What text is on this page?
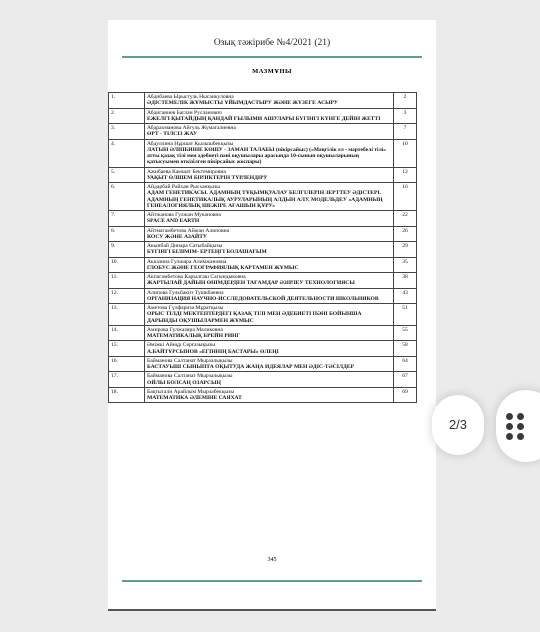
Озық тәжірибе №4/2021 (21)
МАЗМҰНЫ
1.	Абдибаева Ырысгуль Нысанкуловна
ӘДІСТЕМЕЛІК ЖҰМЫСТЫ ҰЙЫМДАСТЫРУ ЖӘНЕ ЖҮЗЕГЕ АСЫРУ	2
2.	Абдиганиев Баглан Русланович
ЕЖЕЛГІ ҚЫТАЙДЫҢ ҚАНДАЙ ҒЫЛЫМИ АШУЛАРЫ БҮГІНГІ КҮНГЕ ДЕЙІН ЖЕТТІ	3
3.	Абдрахманова Айгуль Жумагалиевна
ӨРТ - ТІЛСІЗ ЖАУ	7
4.	Абдуллина Нұршат Қылышбекқызы
ЛАТЫН ӘЛІПБИІНЕ КӨШУ - ЗАМАН ТАЛАБЫ (пікірсайыс) («Мәңгілік ел - мәртебелі тілі» атты қазақ тілі мен әдебиеті пәні оқушылары арасында 10-сынып оқушыларының қатысуымен өткізілген пікірсайыс жоспары)	10
5.	Ажибаева Камшат Бектемировна
УАҚЫТ ӨЛШЕМ БІРЛІКТЕРІН ТҮРЛЕНДІРУ	12
6.	Айдарбай Райхан Рысханқызы
АДАМ ГЕНЕТИКАСЫ. АДАМНЫҢ ТҰҚЫМҚУАЛАУ БЕЛГІЛЕРІН ЗЕРТТЕУ ӘДІСТЕРІ. АДАМНЫҢ ГЕНЕТИКАЛЫҚ АУРУЛАРЫНЫҢ АЛДЫН АЛУ. МОДЕЛЬДЕУ «АДАМНЫҢ ГЕНЕАЛОГИЯЛЫҚ ШЕЖІРЕ АҒАШЫН ҚҰРУ»	16
7.	Айтжанова Гулжан Мукановна
SPACE AND EARTH	22
8.	Айтмагамбетова Айжан Алиповна
КОСУ ЖӘНЕ АЗАЙТУ	26
9.	Акынбай Динара Сатыбайқызы
БҮГІНГІ БІЛІМІМ- ЕРТЕҢГІ БОЛАШАҒЫМ	29
10.	Акказина Гулшара Алимжановна
ГЛОБУС ЖӘНЕ ГЕОГРАФИЯЛЫҚ КАРТАМЕН ЖҰМЫС	35
11.	Акпагамбетова Карылгаш Сагындыковна
ЖАРТЫЛАЙ ДАЙЫН ӨНІМДЕРДЕН ТАҒАМДАР ӘЗІРЛЕУ ТЕХНОЛОГИЯСЫ	38
12.	Алипова Гульбакит Тушкбаевна
ОРГАНИЗАЦИЯ НАУЧНО-ИССЛЕДОВАТЕЛЬСКОЙ ДЕЯТЕЛЬНОСТИ ШКОЛЬНИКОВ	43
13.	Аметова Гүлфариза Мұратқызы
ОРЫС ТІЛДІ МЕКТЕПТЕРДЕГІ ҚАЗАҚ ТІЛІ МЕН ӘДЕБИЕТІ ПӘНІ БОЙЫНША ДАРЫНДЫ ОҚУШЫЛАРМЕН ЖҰМЫС	51
14.	Амирова Гулжазира Маликовна
МАТЕМАТИКАЛЫҚ БРЕЙН РИНГ	55
15.	Әміжкі Айнұр Серғазықызы
А.БАЙТҰРСЫНОВ «ЕГІННІҢ БАСТАРЫ» ӨЛЕҢІ	58
16.	Байманова Салтанат Мырзалықызы
БАСТАУЫШ СЫНЫПТА ОҚЫТУДА ЖАҢА ИДЕЯЛАР МЕН ӘДІС-ТӘСІЛДЕР	64
17.	Байманова Салтанат Мырзалықызы
ОЙЛЫ БОЛСАҢ ОЗАРСЫҢ	67
18.	Бақтыгали Арайлым Мырзабекқызы
МАТЕМАТИКА ӘЛЕМІНЕ САЯХАТ	69
345
2/3
